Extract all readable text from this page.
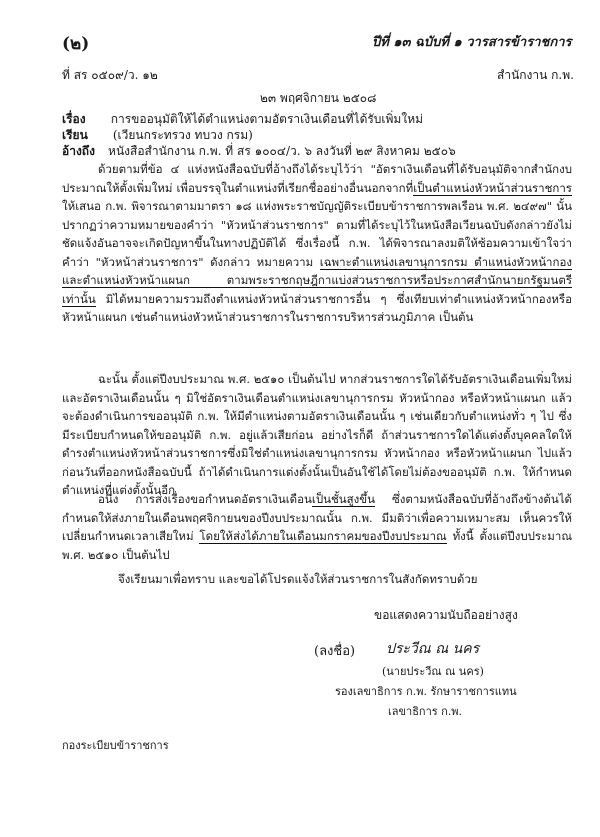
(๒)	ปีที่ ๑๓ ฉบับที่ ๑ วารสารข้าราชการ
ที่ สร ๐๕๐๙/ว. ๑๒	สำนักงาน ก.พ.
๒๓ พฤศจิกายน ๒๕๐๘
เรื่อง การขออนุมัติให้ได้ตำแหน่งตามอัตราเงินเดือนที่ได้รับเพิ่มใหม่
เรียน (เวียนกระทรวง ทบวง กรม)
อ้างถึง หนังสือสำนักงาน ก.พ. ที่ สร ๑๐๐๔/ว. ๖ ลงวันที่ ๒๙ สิงหาคม ๒๕๐๖
ด้วยตามที่ข้อ ๔ แห่งหนังสือฉบับที่อ้างถึงได้ระบุไว้ว่า "อัตราเงินเดือนที่ได้รับอนุมัติจากสำนักงบประมาณให้ตั้งเพิ่มใหม่ เพื่อบรรจุในตำแหน่งที่เรียกชื่ออย่างอื่นนอกจากที่เป็นตำแหน่งหัวหน้าส่วนราชการ ให้เสนอ ก.พ. พิจารณาตามมาตรา ๑๘ แห่งพระราชบัญญัติระเบียบข้าราชการพลเรือน พ.ศ. ๒๔๙๗" นั้น ปรากฏว่าความหมายของคำว่า "หัวหน้าส่วนราชการ" ตามที่ได้ระบุไว้ในหนังสือเวียนฉบับดังกล่าวยังไม่ชัดแจ้งอันอาจจะเกิดปัญหาขึ้นในทางปฏิบัติได้ ซึ่งเรื่องนี้ ก.พ. ได้พิจารณาลงมติให้ซ้อมความเข้าใจว่า คำว่า "หัวหน้าส่วนราชการ" ดังกล่าว หมายความ เฉพาะตำแหน่งเลขานุการกรม ตำแหน่งหัวหน้ากอง และตำแหน่งหัวหน้าแผนก ตามพระราชกฤษฎีกาแบ่งส่วนราชการหรือประกาศสำนักนายกรัฐมนตรีเท่านั้น มิได้หมายความรวมถึงตำแหน่งหัวหน้าส่วนราชการอื่น ๆ ซึ่งเทียบเท่าตำแหน่งหัวหน้ากองหรือหัวหน้าแผนก เช่นตำแหน่งหัวหน้าส่วนราชการในราชการบริหารส่วนภูมิภาค เป็นต้น
ฉะนั้น ตั้งแต่ปีงบประมาณ พ.ศ. ๒๕๑๐ เป็นต้นไป หากส่วนราชการใดได้รับอัตราเงินเดือนเพิ่มใหม่ และอัตราเงินเดือนนั้น ๆ มิใช่อัตราเงินเดือนตำแหน่งเลขานุการกรม หัวหน้ากอง หรือหัวหน้าแผนก แล้ว จะต้องดำเนินการขออนุมัติ ก.พ. ให้มีตำแหน่งตามอัตราเงินเดือนนั้น ๆ เช่นเดียวกับตำแหน่งทั่ว ๆ ไป ซึ่งมีระเบียบกำหนดให้ขออนุมัติ ก.พ. อยู่แล้วเสียก่อน อย่างไรก็ดี ถ้าส่วนราชการใดได้แต่งตั้งบุคคลใดให้ดำรงตำแหน่งหัวหน้าส่วนราชการซึ่งมิใช่ตำแหน่งเลขานุการกรม หัวหน้ากอง หรือหัวหน้าแผนก ไปแล้วก่อนวันที่ออกหนังสือฉบับนี้ ถ้าได้ดำเนินการแต่งตั้งนั้นเป็นอันใช้ได้โดยไม่ต้องขออนุมัติ ก.พ. ให้กำหนดตำแหน่งที่แต่งตั้งนั้นอีก
อนึ่ง การส่งเรื่องขอกำหนดอัตราเงินเดือนเป็นชั้นสูงขึ้น ซึ่งตามหนังสือฉบับที่อ้างถึงข้างต้นได้กำหนดให้ส่งภายในเดือนพฤศจิกายนของปีงบประมาณนั้น ก.พ. มีมติว่าเพื่อความเหมาะสม เห็นควรให้เปลี่ยนกำหนดเวลาเสียใหม่ โดยให้ส่งได้ภายในเดือนมกราคมของปีงบประมาณ ทั้งนี้ ตั้งแต่ปีงบประมาณ พ.ศ. ๒๕๑๐ เป็นต้นไป
จึงเรียนมาเพื่อทราบ และขอได้โปรดแจ้งให้ส่วนราชการในสังกัดทราบด้วย
ขอแสดงความนับถืออย่างสูง
(ลงชื่อ) ประวีณ ณ นคร
(นายประวีณ ณ นคร)
รองเลขาธิการ ก.พ. รักษาราชการแทน
เลขาธิการ ก.พ.
กองระเบียบข้าราชการ
